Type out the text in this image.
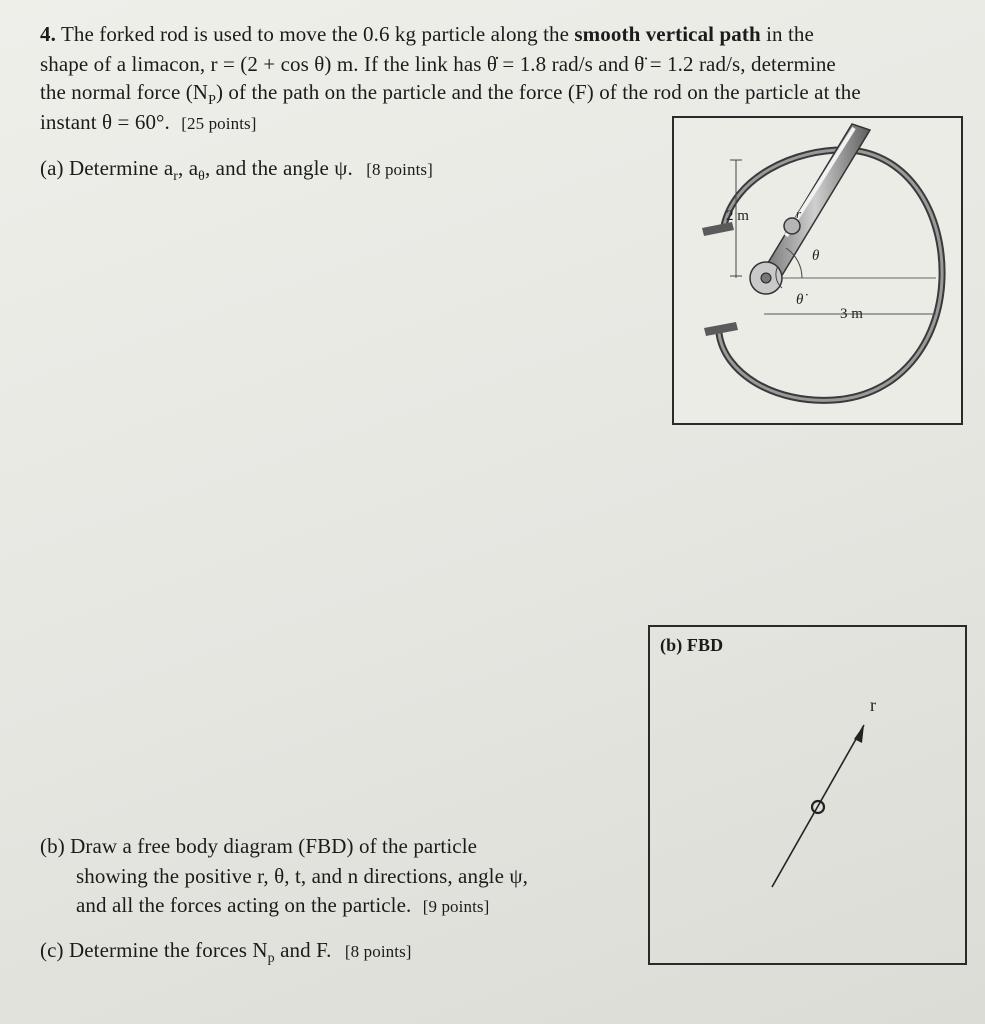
4. The forked rod is used to move the 0.6 kg particle along the smooth vertical path in the
shape of a limacon, r = (2 + cos θ) m. If the link has θ̇ = 1.8 rad/s and θ̈ = 1.2 rad/s, determine
the normal force $(N_P)$ of the path on the particle and the force (F) of the rod on the particle at the
instant θ = 60°. [25 points]
(a) Determine $a_r$, $a_\theta$, and the angle ψ. [8 points]
2 m
θ
θ̇
3 m
r
(b) FBD
r
(b) Draw a free body diagram (FBD) of the particle
showing the positive r, θ, t, and n directions, angle ψ,
and all the forces acting on the particle. [9 points]
(c) Determine the forces $N_p$ and F. [8 points]
